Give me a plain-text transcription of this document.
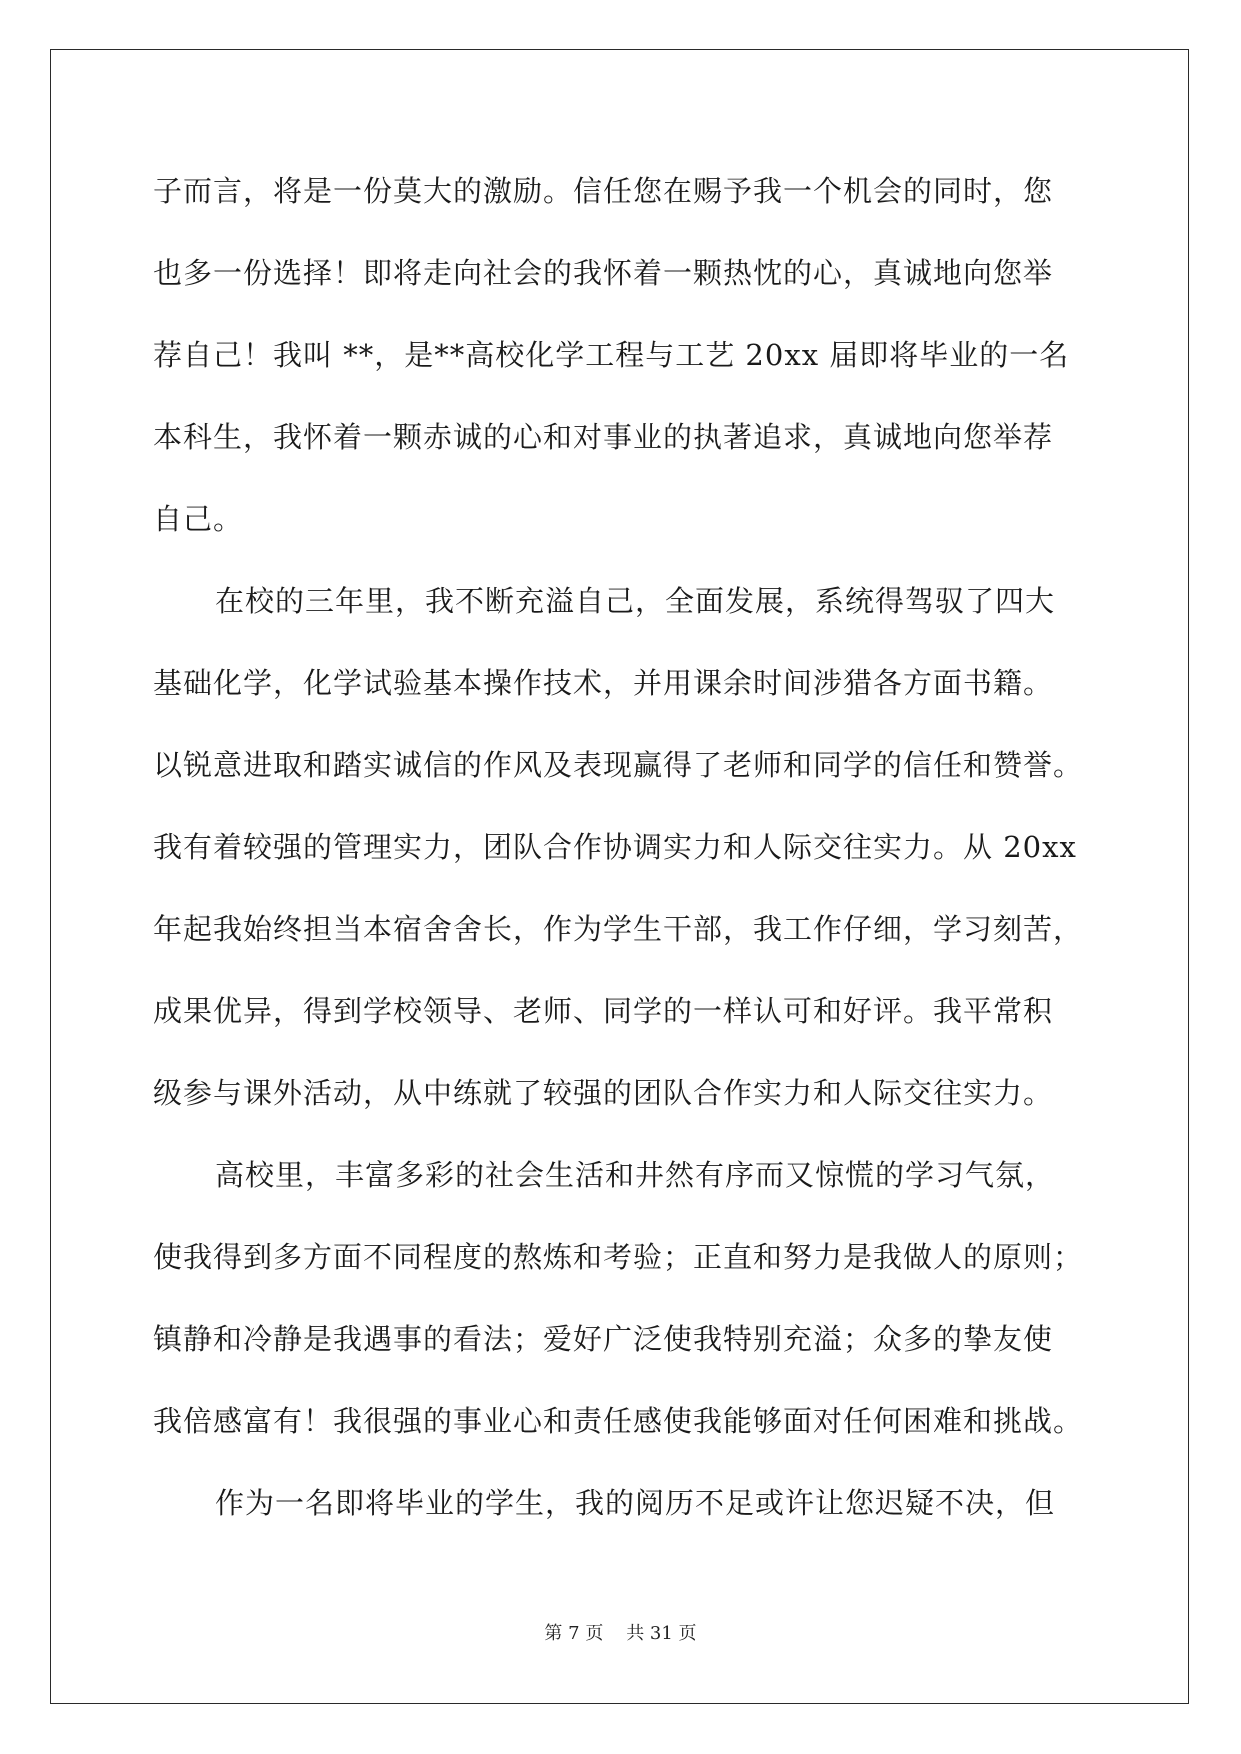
子而言，将是一份莫大的激励。信任您在赐予我一个机会的同时，您
也多一份选择！即将走向社会的我怀着一颗热忱的心，真诚地向您举
荐自己！我叫 **，是**高校化学工程与工艺 20xx 届即将毕业的一名
本科生，我怀着一颗赤诚的心和对事业的执著追求，真诚地向您举荐
自己。
在校的三年里，我不断充溢自己，全面发展，系统得驾驭了四大
基础化学，化学试验基本操作技术，并用课余时间涉猎各方面书籍。
以锐意进取和踏实诚信的作风及表现赢得了老师和同学的信任和赞誉。
我有着较强的管理实力，团队合作协调实力和人际交往实力。从 20xx
年起我始终担当本宿舍舍长，作为学生干部，我工作仔细，学习刻苦，
成果优异，得到学校领导、老师、同学的一样认可和好评。我平常积
级参与课外活动，从中练就了较强的团队合作实力和人际交往实力。
高校里，丰富多彩的社会生活和井然有序而又惊慌的学习气氛，
使我得到多方面不同程度的熬炼和考验；正直和努力是我做人的原则；
镇静和冷静是我遇事的看法；爱好广泛使我特别充溢；众多的挚友使
我倍感富有！我很强的事业心和责任感使我能够面对任何困难和挑战。
作为一名即将毕业的学生，我的阅历不足或许让您迟疑不决，但
第 7 页    共 31 页
